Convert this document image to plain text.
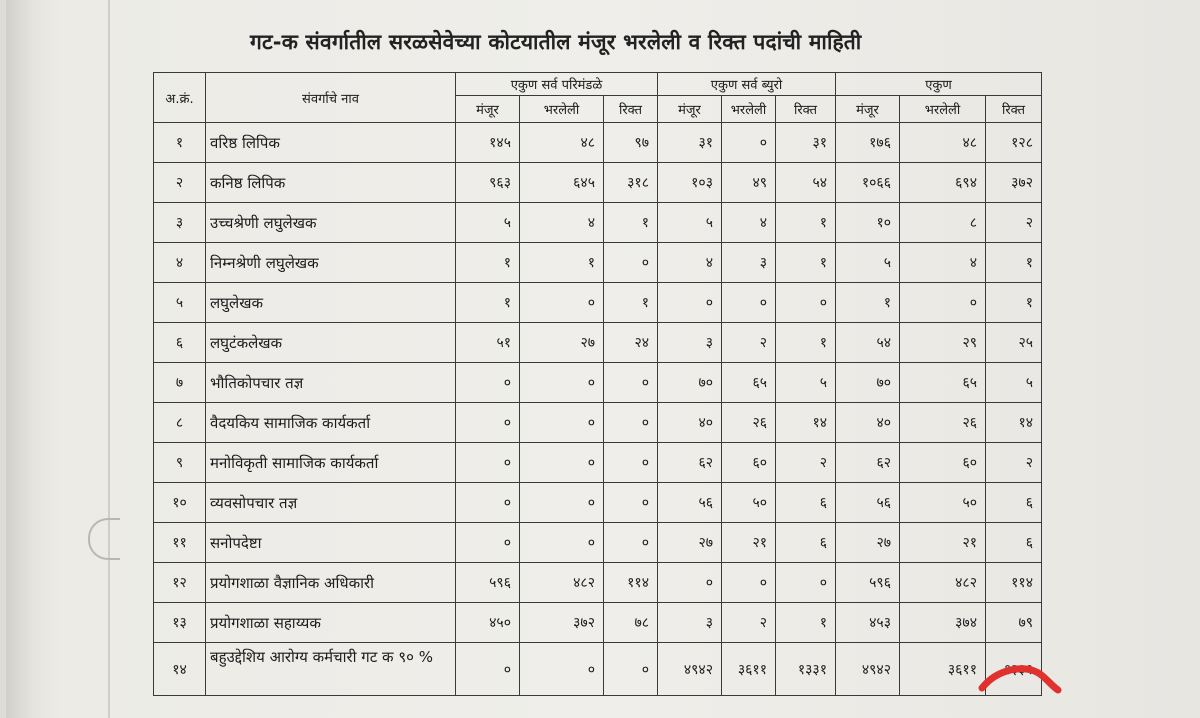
गट-क संवर्गातील सरळसेवेच्या कोटयातील मंजूर भरलेली व रिक्त पदांची माहिती
अ.क्रं.	संवर्गाचे नाव	एकुण सर्व परिमंडळे			एकुण सर्व ब्युरो			एकुण		
		मंजूर	भरलेली	रिक्त	मंजूर	भरलेली	रिक्त	मंजूर	भरलेली	रिक्त
१	वरिष्ठ लिपिक	१४५	४८	९७	३१	०	३१	१७६	४८	१२८
२	कनिष्ठ लिपिक	९६३	६४५	३१८	१०३	४९	५४	१०६६	६९४	३७२
३	उच्चश्रेणी लघुलेखक	५	४	१	५	४	१	१०	८	२
४	निम्नश्रेणी लघुलेखक	१	१	०	४	३	१	५	४	१
५	लघुलेखक	१	०	१	०	०	०	१	०	१
६	लघुटंकलेखक	५१	२७	२४	३	२	१	५४	२९	२५
७	भौतिकोपचार तज्ञ	०	०	०	७०	६५	५	७०	६५	५
८	वैदयकिय सामाजिक कार्यकर्ता	०	०	०	४०	२६	१४	४०	२६	१४
९	मनोविकृती सामाजिक कार्यकर्ता	०	०	०	६२	६०	२	६२	६०	२
१०	व्यवसोपचार तज्ञ	०	०	०	५६	५०	६	५६	५०	६
११	सनोपदेष्टा	०	०	०	२७	२१	६	२७	२१	६
१२	प्रयोगशाळा वैज्ञानिक अधिकारी	५९६	४८२	११४	०	०	०	५९६	४८२	११४
१३	प्रयोगशाळा सहाय्यक	४५०	३७२	७८	३	२	१	४५३	३७४	७९
१४	बहुउद्देशिय आरोग्य कर्मचारी गट क ९० %	०	०	०	४९४२	३६११	१३३१	४९४२	३६११	१३३१
